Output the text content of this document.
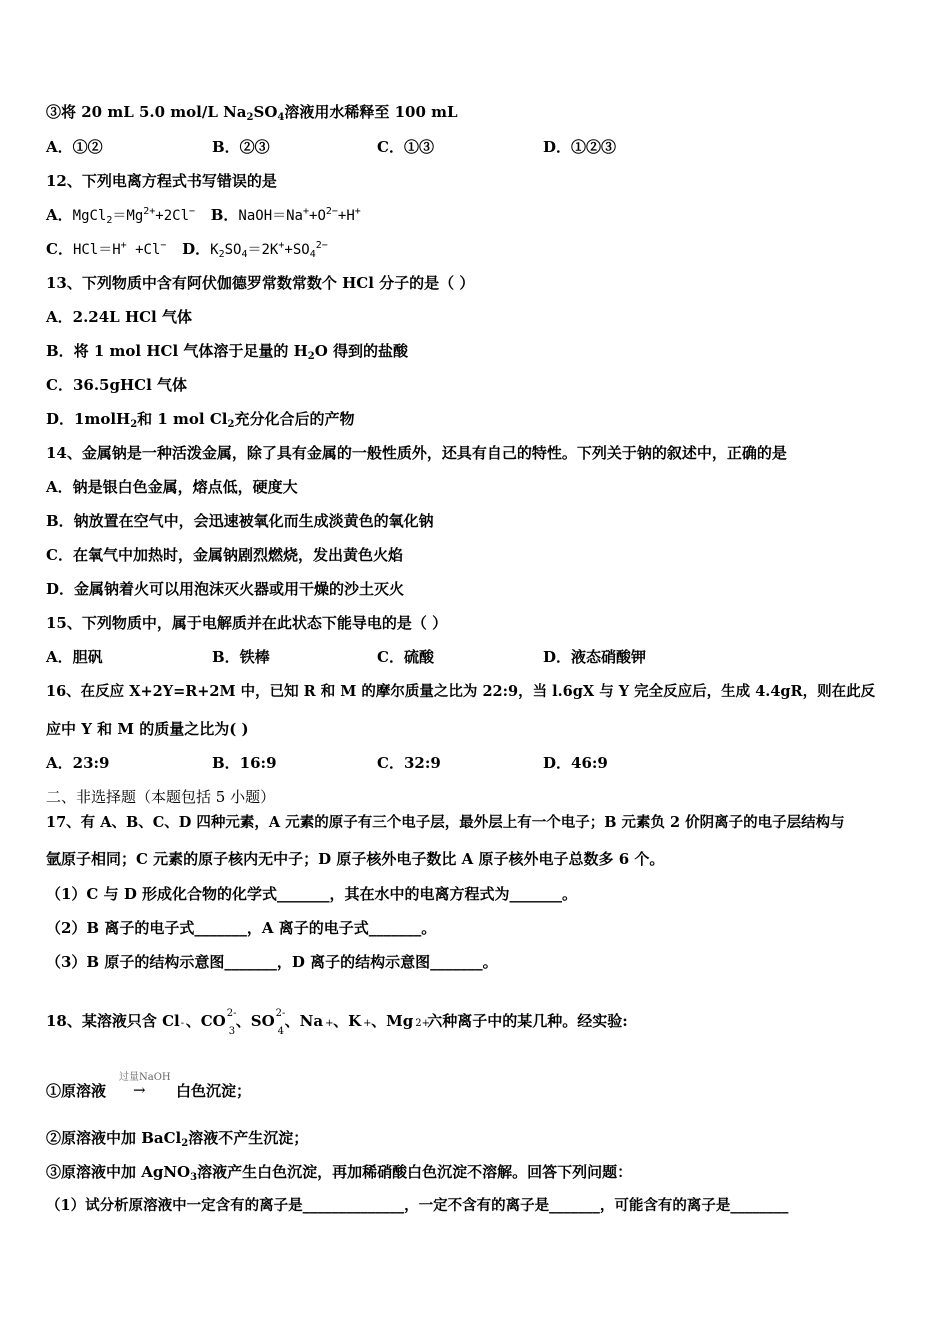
③将 20 mL 5.0 mol/L $Na_2SO_4$溶液用水稀释至 100 mL
A．①②	B．②③	C．①③	D．①②③
12、下列电离方程式书写错误的是
A．$MgCl_2=Mg^{2+}+2Cl^-$ B．$NaOH=Na^++O^{2-}+H^+$
C．HCl＝H+ +Cl− D．$K_2SO_4=2K^++SO_4^{2-}$
13、下列物质中含有阿伏伽德罗常数常数个 HCl 分子的是（ ）
A．2.24L HCl 气体
B．将 1 mol HCl 气体溶于足量的 $H_2O$ 得到的盐酸
C．36.5gHCl 气体
D．1molH$_2$和 1 mol $Cl_2$充分化合后的产物
14、金属钠是一种活泼金属，除了具有金属的一般性质外，还具有自己的特性。下列关于钠的叙述中，正确的是
A．钠是银白色金属，熔点低，硬度大
B．钠放置在空气中，会迅速被氧化而生成淡黄色的氧化钠
C．在氧气中加热时，金属钠剧烈燃烧，发出黄色火焰
D．金属钠着火可以用泡沫灭火器或用干燥的沙土灭火
15、下列物质中，属于电解质并在此状态下能导电的是（ ）
A．胆矾	B．铁棒	C．硫酸	D．液态硝酸钾
16、在反应 X+2Y=R+2M 中，已知 R 和 M 的摩尔质量之比为 22:9，当 l.6gX 与 Y 完全反应后，生成 4.4gR，则在此反
应中 Y 和 M 的质量之比为( )
A．23:9	B．16:9	C．32:9	D．46:9
二、非选择题（本题包括 5 小题）
17、有 A、B、C、D 四种元素，A 元素的原子有三个电子层，最外层上有一个电子；B 元素负 2 价阴离子的电子层结构与
氩原子相同；C 元素的原子核内无中子；D 原子核外电子数比 A 原子核外电子总数多 6 个。
（1）C 与 D 形成化合物的化学式_______，其在水中的电离方程式为_______。
（2）B 离子的电子式_______，A 离子的电子式_______。
（3）B 原子的结构示意图_______，D 离子的结构示意图_______。
18、某溶液只含 Cl - 、CO 2-
3
、SO 2-
4
、Na + 、K + 、Mg 2+
六种离子中的某几种。经实验:
①原溶液
过量NaOH
→ 白色沉淀；
②原溶液中加 BaCl$_2$溶液不产生沉淀；
③原溶液中加 AgNO$_3$溶液产生白色沉淀，再加稀硝酸白色沉淀不溶解。回答下列问题：
（1）试分析原溶液中一定含有的离子是______________，一定不含有的离子是_______，可能含有的离子是________
